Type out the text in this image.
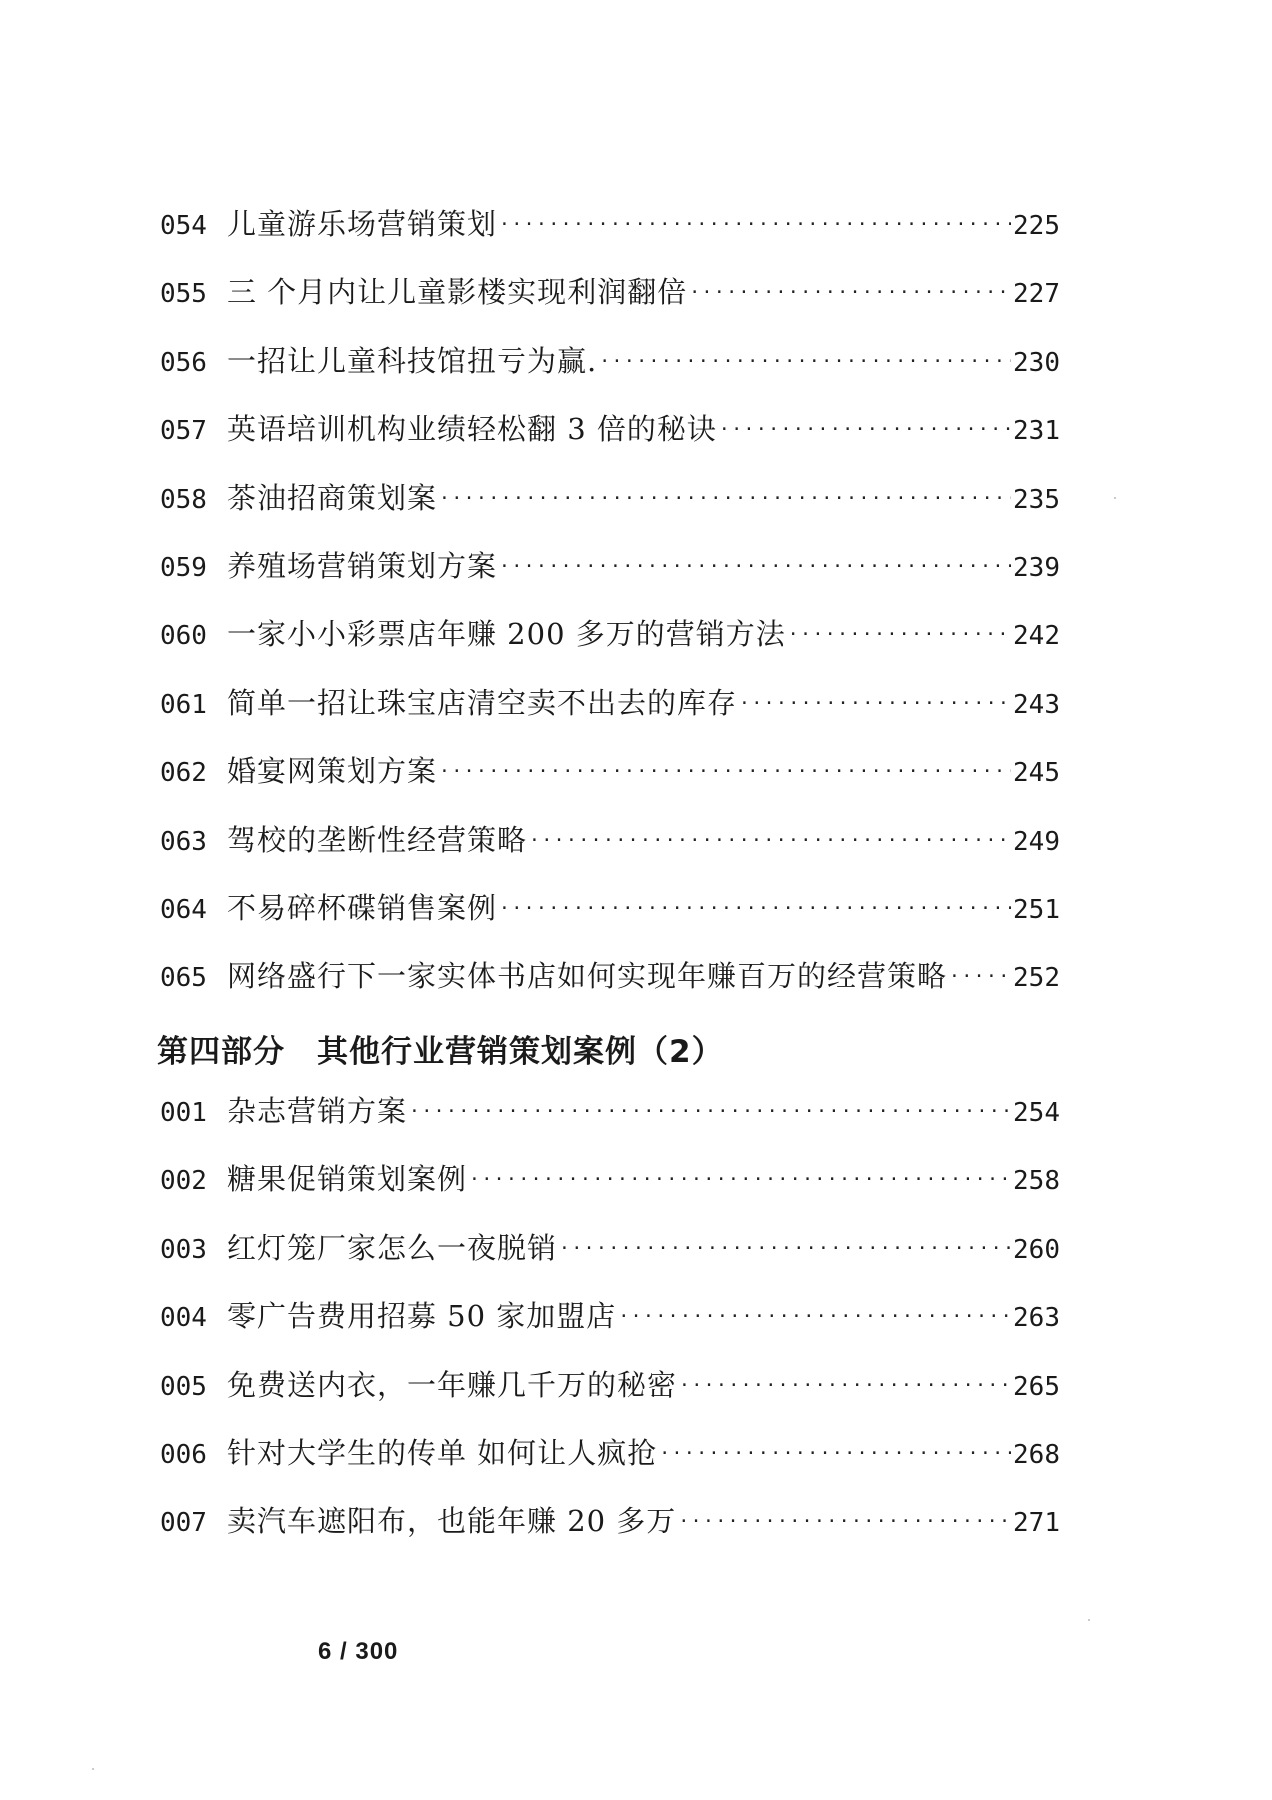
054 儿童游乐场营销策划 ·····	225
055 三 个月内让儿童影楼实现利润翻倍 ·····	227
056 一招让儿童科技馆扭亏为赢. ·····	230
057 英语培训机构业绩轻松翻 3 倍的秘诀 ·····	231
058 茶油招商策划案 ·····	235
059 养殖场营销策划方案 ·····	239
060 一家小小彩票店年赚 200 多万的营销方法 ·····	242
061 简单一招让珠宝店清空卖不出去的库存 ·····	243
062 婚宴网策划方案 ·····	245
063 驾校的垄断性经营策略 ·····	249
064 不易碎杯碟销售案例 ·····	251
065 网络盛行下一家实体书店如何实现年赚百万的经营策略 ·····	252
第四部分　其他行业营销策划案例（2）
001 杂志营销方案 ·····	254
002 糖果促销策划案例 ·····	258
003 红灯笼厂家怎么一夜脱销 ·····	260
004 零广告费用招募 50 家加盟店 ·····	263
005 免费送内衣，一年赚几千万的秘密 ·····	265
006 针对大学生的传单 如何让人疯抢 ·····	268
007 卖汽车遮阳布，也能年赚 20 多万 ·····	271
6 / 300
